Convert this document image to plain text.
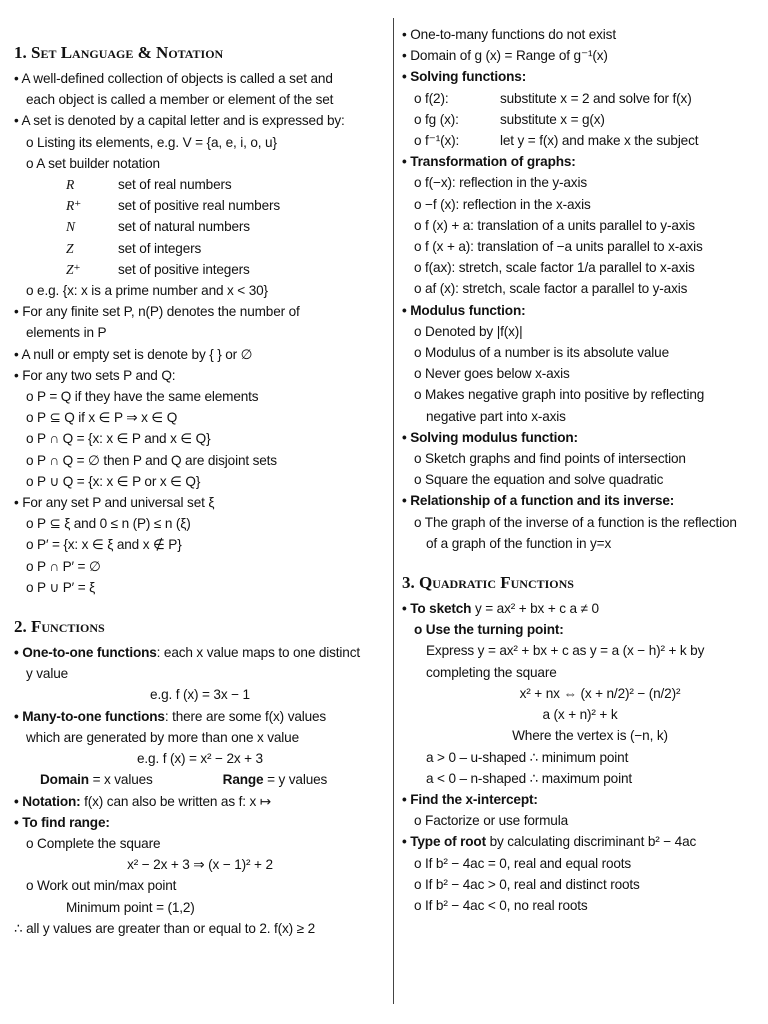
1. Set Language & Notation
• A well-defined collection of objects is called a set and
each object is called a member or element of the set
• A set is denoted by a capital letter and is expressed by:
o Listing its elements, e.g. V = {a, e, i, o, u}
o A set builder notation
R	set of real numbers
R⁺	set of positive real numbers
N	set of natural numbers
Z	set of integers
Z⁺	set of positive integers
o e.g. {x: x is a prime number and x < 30}
• For any finite set P, n(P) denotes the number of
elements in P
• A null or empty set is denote by { } or ∅
• For any two sets P and Q:
o P = Q if they have the same elements
o P ⊆ Q if x ∈ P ⇒ x ∈ Q
o P ∩ Q = {x: x ∈ P and x ∈ Q}
o P ∩ Q = ∅ then P and Q are disjoint sets
o P ∪ Q = {x: x ∈ P or x ∈ Q}
• For any set P and universal set ξ
o P ⊆ ξ and 0 ≤ n (P) ≤ n (ξ)
o P′ = {x: x ∈ ξ and x ∉ P}
o P ∩ P′ = ∅
o P ∪ P′ = ξ
2. Functions
• One-to-one functions: each x value maps to one distinct
y value
e.g. f (x) = 3x − 1
• Many-to-one functions: there are some f(x) values
which are generated by more than one x value
e.g. f (x) = x² − 2x + 3
Domain = x values	Range = y values
• Notation: f(x) can also be written as f: x ↦
• To find range:
o Complete the square
x² − 2x + 3 ⇒ (x − 1)² + 2
o Work out min/max point
Minimum point = (1,2)
∴ all y values are greater than or equal to 2. f(x) ≥ 2
• One-to-many functions do not exist
• Domain of g (x) = Range of g⁻¹(x)
• Solving functions:
o f(2):	substitute x = 2 and solve for f(x)
o fg (x):	substitute x = g(x)
o f⁻¹(x):	let y = f(x) and make x the subject
• Transformation of graphs:
o f(−x): reflection in the y-axis
o −f (x): reflection in the x-axis
o f (x) + a: translation of a units parallel to y-axis
o f (x + a): translation of −a units parallel to x-axis
o f(ax): stretch, scale factor 1/a parallel to x-axis
o af (x): stretch, scale factor a parallel to y-axis
• Modulus function:
o Denoted by |f(x)|
o Modulus of a number is its absolute value
o Never goes below x-axis
o Makes negative graph into positive by reflecting
negative part into x-axis
• Solving modulus function:
o Sketch graphs and find points of intersection
o Square the equation and solve quadratic
• Relationship of a function and its inverse:
o The graph of the inverse of a function is the reflection
of a graph of the function in y=x
3. Quadratic Functions
• To sketch y = ax² + bx + c a ≠ 0
o Use the turning point:
Express y = ax² + bx + c as y = a (x − h)² + k by
completing the square
x² + nx ⇔ (x + n/2)² − (n/2)²
a (x + n)² + k
Where the vertex is (−n, k)
a > 0 – u-shaped ∴ minimum point
a < 0 – n-shaped ∴ maximum point
• Find the x-intercept:
o Factorize or use formula
• Type of root by calculating discriminant b² − 4ac
o If b² − 4ac = 0, real and equal roots
o If b² − 4ac > 0, real and distinct roots
o If b² − 4ac < 0, no real roots
